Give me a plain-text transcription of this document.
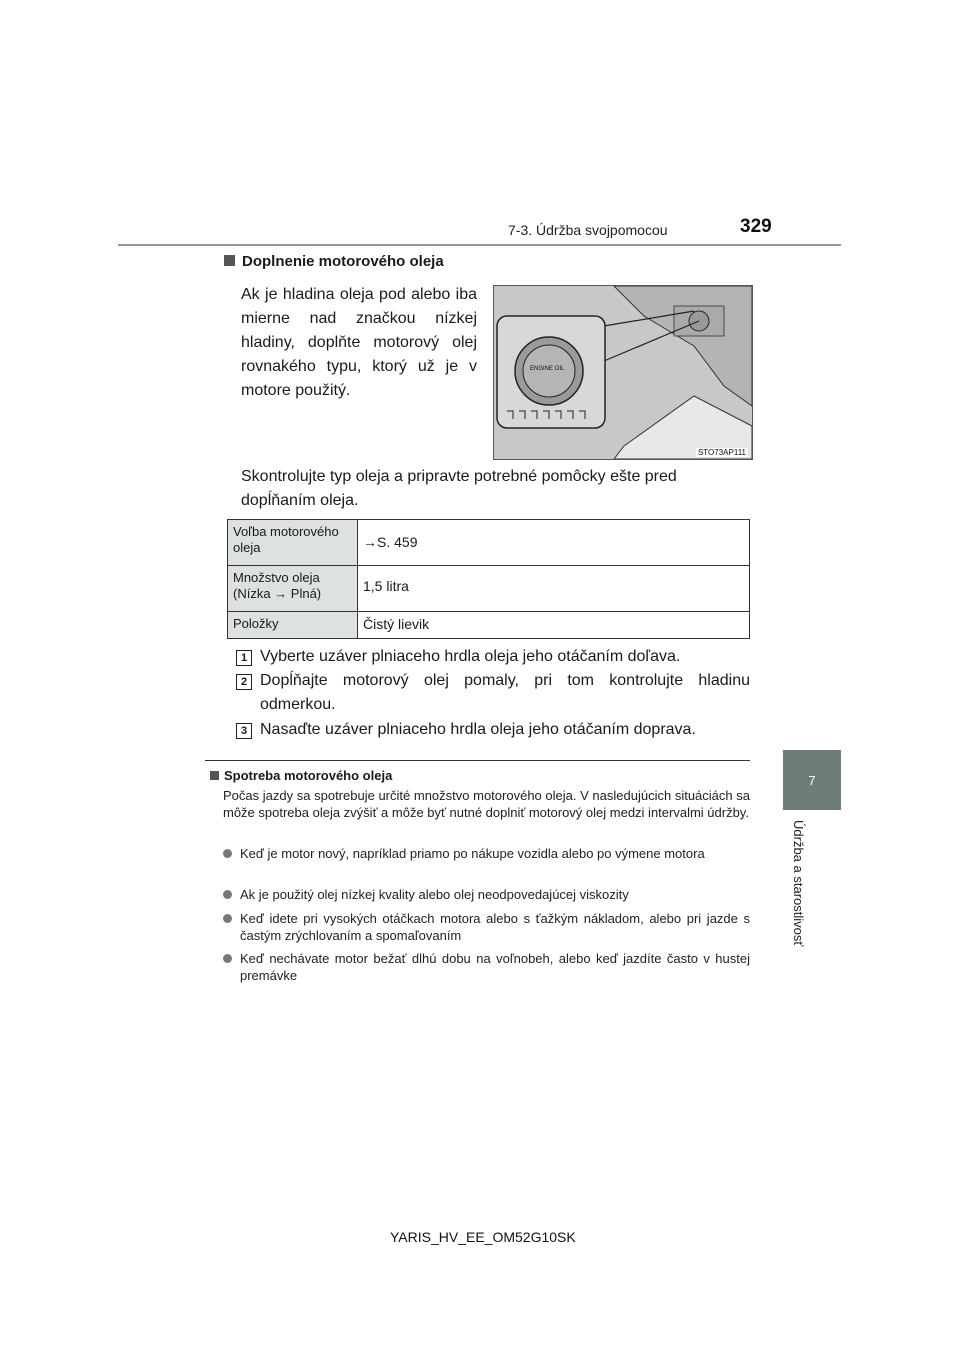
7-3. Údržba svojpomocou	329
7
Údržba a starostlivosť
Doplnenie motorového oleja
Ak je hladina oleja pod alebo iba mierne nad značkou nízkej hladiny, doplňte motorový olej rovnakého typu, ktorý už je v motore použitý.
ENGINE OIL
STO73AP111
Skontrolujte typ oleja a pripravte potrebné pomôcky ešte pred dopĺňaním oleja.
Voľba motorového oleja	→S. 459
Množstvo oleja (Nízka → Plná)	1,5 litra
Položky	Čistý lievik
1 Vyberte uzáver plniaceho hrdla oleja jeho otáčaním doľava.
2 Dopĺňajte motorový olej pomaly, pri tom kontrolujte hladinu odmerkou.
3 Nasaďte uzáver plniaceho hrdla oleja jeho otáčaním doprava.
Spotreba motorového oleja
Počas jazdy sa spotrebuje určité množstvo motorového oleja. V nasledujúcich situáciách sa môže spotreba oleja zvýšiť a môže byť nutné doplniť motorový olej medzi intervalmi údržby.
Keď je motor nový, napríklad priamo po nákupe vozidla alebo po výmene motora
Ak je použitý olej nízkej kvality alebo olej neodpovedajúcej viskozity
Keď idete pri vysokých otáčkach motora alebo s ťažkým nákladom, alebo pri jazde s častým zrýchlovaním a spomaľovaním
Keď nechávate motor bežať dlhú dobu na voľnobeh, alebo keď jazdíte často v hustej premávke
YARIS_HV_EE_OM52G10SK
